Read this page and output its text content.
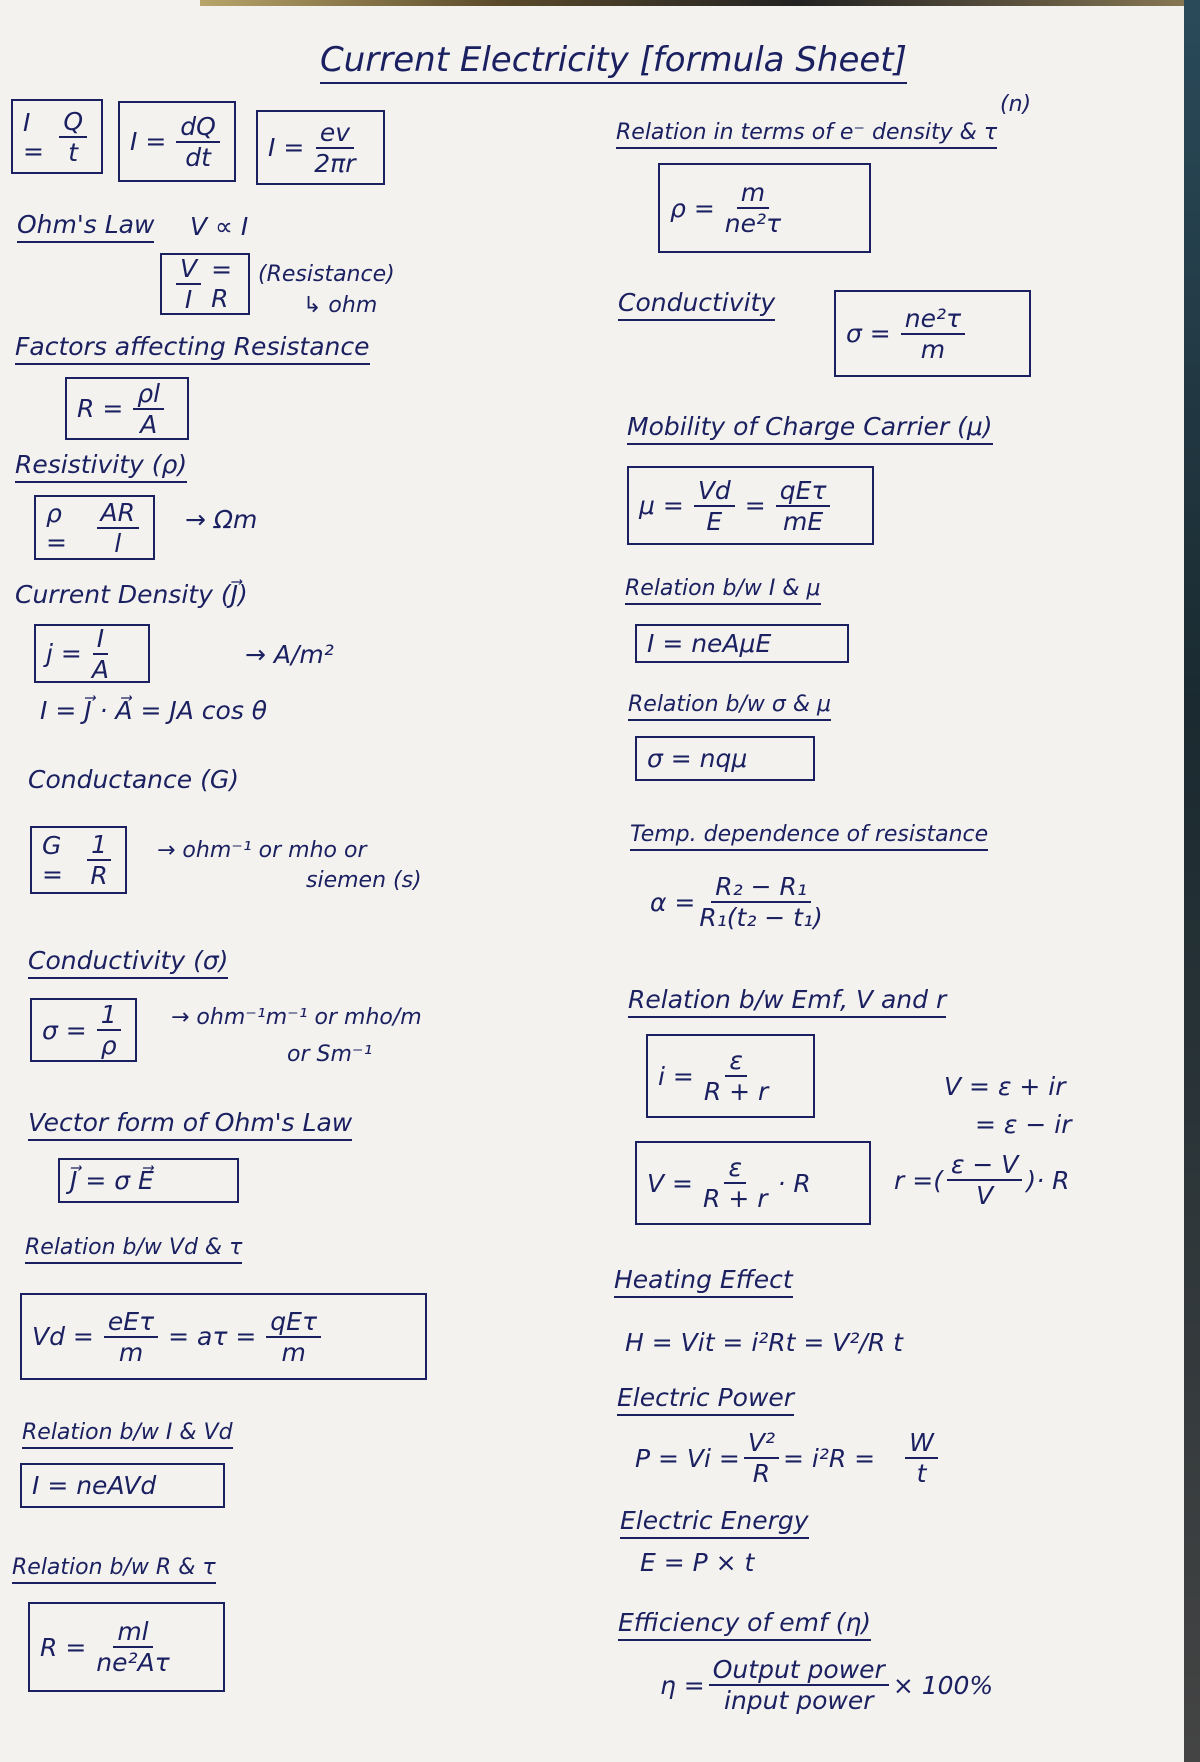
Current Electricity [formula Sheet]
$I = \frac{Q}{t}$ $I = \frac{dQ}{dt}$ $I = \frac{ev}{2\pi r}$
Ohm's Law V ∝ I
$\frac{V}{I} = R$
(Resistance)
↳ ohm
Factors affecting Resistance
$R = \frac{\rho l}{A}$
Resistivity (ρ)
ρ =	$\frac{AR}{l} \to \Omega m$
Current Density (J⃗)
$j = \frac{I}{A}$	→ A/m²
I = J⃗ · A⃗ = JA cos θ
Conductance (G)
$G = \frac{1}{R} \to ohm^{-1}$ or mho or
siemen (s)
Conductivity (σ)
$\sigma = \frac{1}{\rho} \to ohm^{-1}m^{-1}$ or mho/m
or Sm⁻¹
Vector form of Ohm's Law
J⃗ = σ E⃗
Relation b/w Vd & τ
$Vd = \frac{\text{eEτ}}{m} = a\tau = \frac{\text{qEτ}}{m}$
Relation b/w I & Vd
I = neAVd
Relation b/w R & τ
$R = \frac{ml}{\text{ne²Aτ}}$
(n)
Relation in terms of e⁻ density & τ
$\rho = \frac{m}{\text{ne²τ}}$
Conductivity
$\sigma = \frac{\text{ne²τ}}{m}$
Mobility of Charge Carrier (μ)
$\mu = \frac{Vd}{E} = \frac{\text{qEτ}}{mE}$
Relation b/w I & μ
I = neAμE
Relation b/w σ & μ
σ = nqμ
Temp. dependence of resistance
$\alpha = \frac{\text{R₂ − R₁}}{\text{R₁(t₂ − t₁)}}$
Relation b/w Emf, V and r
$i = \frac{\varepsilon}{R + r}$	V = ε + ir
= ε − ir
$V = \frac{\varepsilon}{R + r} \cdot R$	r = ( $\frac{\varepsilon - V}{V}$ ) · R
Heating Effect
H = Vit = i²Rt = V²/R t
Electric Power
$P = Vi = \frac{\text{V²}}{R} = i^2R = \frac{W}{t}$
Electric Energy
E = P × t
Efficiency of emf (η)
$\eta = \frac{\text{Output power}}{\text{input power}} \times 100\%$
